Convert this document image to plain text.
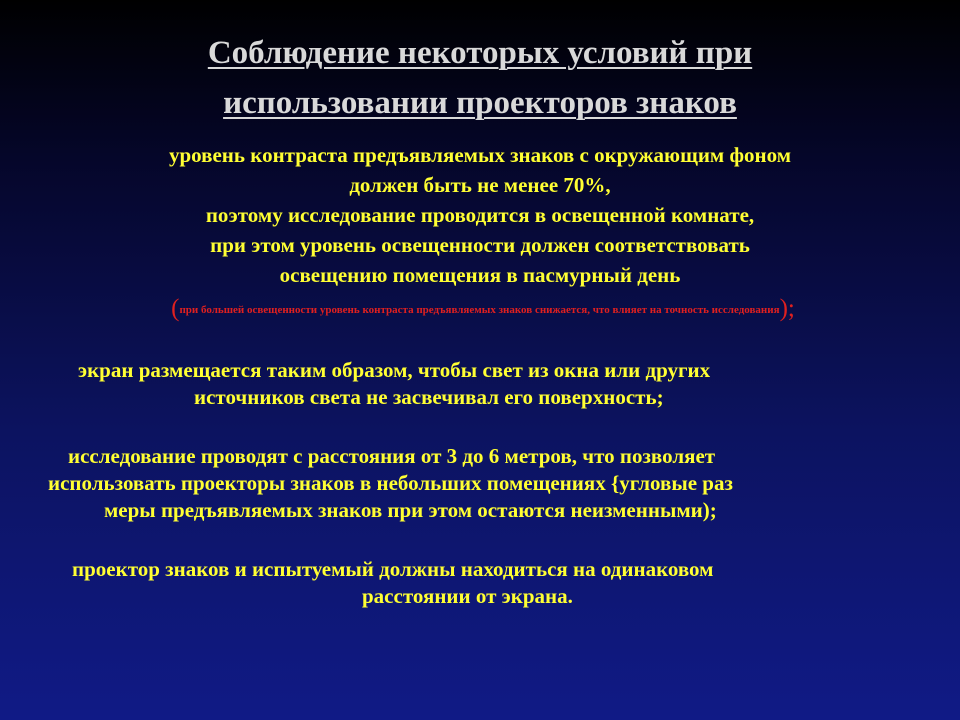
Соблюдение некоторых условий при
использовании проекторов знаков
уровень контраста предъявляемых знаков с окружающим фоном
должен быть не менее 70%,
поэтому исследование проводится в освещенной комнате,
при этом уровень освещенности должен соответствовать
освещению помещения в пасмурный день
(при большей освещенности уровень контраста предъявляемых знаков снижается, что влияет на точность исследования);
экран размещается таким образом, чтобы свет из окна или других
источников света не засвечивал его поверхность;
исследование проводят с расстояния от 3 до 6 метров, что позволяет
использовать проекторы знаков в небольших помещениях {угловые раз
меры предъявляемых знаков при этом остаются неизменными);
проектор знаков и испытуемый должны находиться на одинаковом
расстоянии от экрана.
